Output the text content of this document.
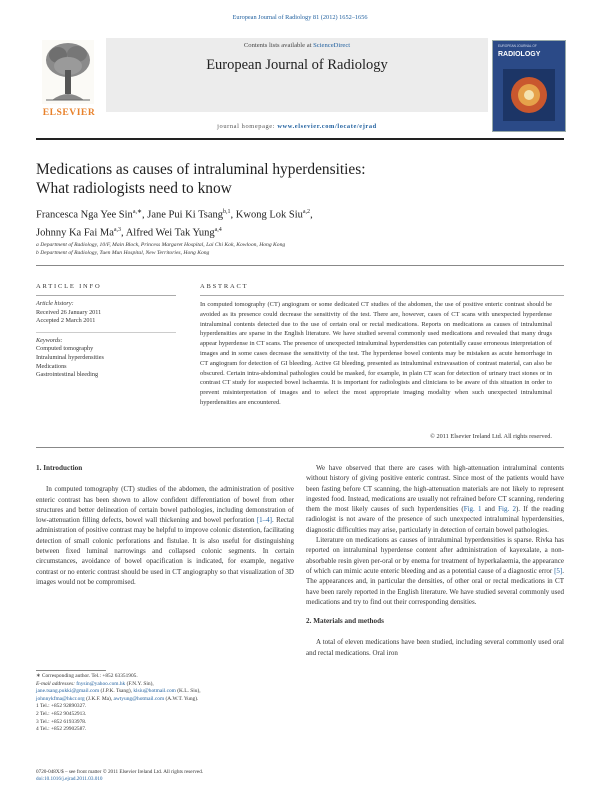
European Journal of Radiology 81 (2012) 1652–1656
ELSEVIER
Contents lists available at ScienceDirect
European Journal of Radiology
journal homepage: www.elsevier.com/locate/ejrad
EUROPEAN JOURNAL OF
RADIOLOGY
Medications as causes of intraluminal hyperdensities:
What radiologists need to know
Francesca Nga Yee Sin$^{a,∗}$, Jane Pui Ki Tsang$^{b,1}$, Kwong Lok Siu$^{a,2}$,
Johnny Ka Fai Ma$^{a,3}$, Alfred Wei Tak Yung$^{a,4}$
a Department of Radiology, 10/F, Main Block, Princess Margaret Hospital, Lai Chi Kok, Kowloon, Hong Kong
b Department of Radiology, Tuen Mun Hospital, New Territories, Hong Kong
ARTICLE INFO	ABSTRACT
Article history:
Received 26 January 2011
Accepted 2 March 2011
Keywords:
Computed tomography
Intraluminal hyperdensities
Medications
Gastrointestinal bleeding
In computed tomography (CT) angiogram or some dedicated CT studies of the abdomen, the use of positive enteric contrast should be avoided as its presence could decrease the sensitivity of the test. There are, however, cases of CT scans with unexpected hyperdense intraluminal contents detected due to the use of certain oral or rectal medications. Reports on medications as causes of intraluminal hyperdensities are sparse in the English literature. We have studied several commonly used medications and revealed that many drugs appear hyperdense in CT scans. The presence of unexpected intraluminal hyperdensities can potentially cause erroneous interpretation of images and in some cases decrease the sensitivity of the test. The hyperdense bowel contents may be mistaken as acute hemorrhage in CT angiogram for detection of GI bleeding. Active GI bleeding, presented as intraluminal extravasation of contrast material, can also be obscured. Certain intra-abdominal pathologies could be masked, for example, in plain CT scan for detection of urinary tract stones or in contrast CT study for suspected bowel ischaemia. It is important for radiologists and clinicians to be aware of this situation in order to prevent misinterpretation of images and to select the most appropriate imaging modality when such unexpected intraluminal hyperdensities are encountered.
© 2011 Elsevier Ireland Ltd. All rights reserved.
1. Introduction

In computed tomography (CT) studies of the abdomen, the administration of positive enteric contrast has been shown to allow confident differentiation of bowel from other structures and better delineation of certain bowel pathologies, including demonstration of low-attenuation filling defects, bowel wall thickening and bowel perforation [1–4]. Rectal administration of positive contrast may be helpful to improve colonic distention, facilitating detection of small colonic perforations and fistulae. It is also useful for distinguishing between fixed luminal narrowings and collapsed colonic segments. In certain circumstances, avoidance of bowel opacification is indicated, for example, negative contrast or no enteric contrast should be used in CT angiography so that visualization of 3D images would not be compromised.

We have observed that there are cases with high-attenuation intraluminal contents without history of giving positive enteric contrast. Since most of the patients would have been fasting before CT scanning, the high-attenuation materials are not likely to represent ingested food. Instead, medications are usually not refrained before CT scanning, rendering them the most likely causes of such hyperdensities (Fig. 1 and Fig. 2). If the reading radiologist is not aware of the presence of such unexpected intraluminal hyperdensities, diagnostic difficulties may arise, particularly in detection of certain bowel pathologies.

Literature on medications as causes of intraluminal hyperdensities is sparse. Rivka has reported on intraluminal hyperdense content after administration of kayexalate, a non-absorbable resin given per-oral or by enema for treatment of hyperkalaemia, the appearance of which can mimic acute enteric bleeding and as a potential cause of a diagnostic error [5]. The appearances and, in particular the densities, of other oral or rectal medications in CT have been rarely reported in the English literature. We have studied several commonly used medications and try to find out their corresponding densities.

2. Materials and methods

A total of eleven medications have been studied, including several commonly used oral and rectal medications. Oral iron

∗ Corresponding author. Tel.: +852 63351905.
E-mail addresses: fnysin@yahoo.com.hk (F.N.Y. Sin),
jane.tsang.pukki@gmail.com (J.P.K. Tsang), klsiu@hotmail.com (K.L. Siu),
johnnykfma@hkcr.org (J.K.F. Ma), awtyung@hotmail.com (A.W.T. Yung).
1 Tel.: +852 92890327.
2 Tel.: +852 90452913.
3 Tel.: +852 61933978.
4 Tel.: +852 29902587.
0720-048X/$ – see front matter © 2011 Elsevier Ireland Ltd. All rights reserved.
doi:10.1016/j.ejrad.2011.03.010
